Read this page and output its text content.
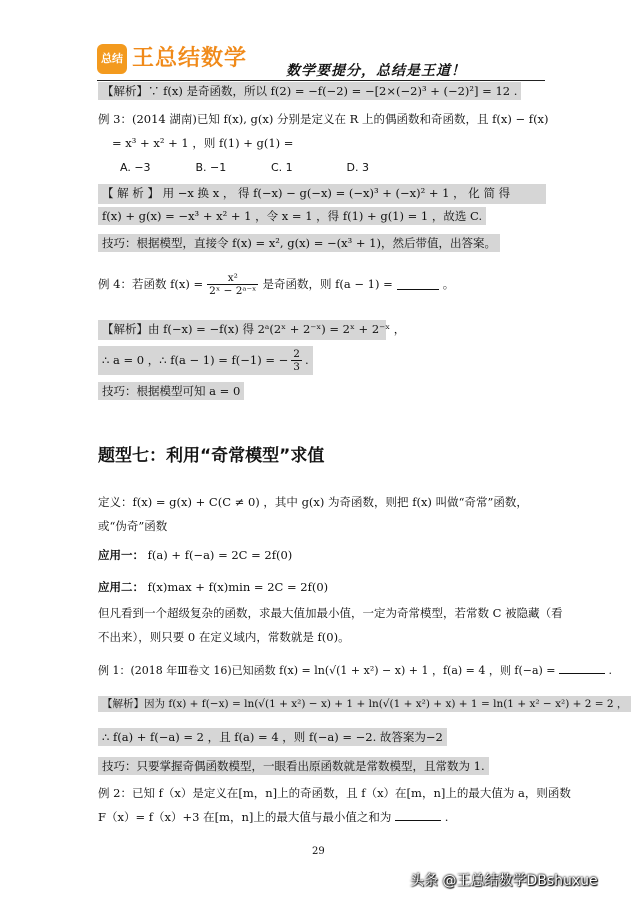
总结 王总结数学	数学要提分，总结是王道！
【解析】∵ f(x) 是奇函数，所以 f(2) = −f(−2) = −[2×(−2)³ + (−2)²] = 12 .
例 3：(2014 湖南)已知 f(x), g(x) 分别是定义在 R 上的偶函数和奇函数，且 f(x) − f(x)
= x³ + x² + 1 ，则 f(1) + g(1) =
A. −3	B. −1	C. 1	D. 3
【 解 析 】 用 −x 换 x ， 得 f(−x) − g(−x) = (−x)³ + (−x)² + 1 ， 化 简 得
f(x) + g(x) = −x³ + x² + 1 ，令 x = 1 ，得 f(1) + g(1) = 1 ，故选 C.
技巧：根据模型，直接令 f(x) = x², g(x) = −(x³ + 1)，然后带值，出答案。
例 4：若函数 $f(x) = \frac{\text{x²}}{\text{2ˣ − 2ᵃ⁻ˣ}}$ 是奇函数，则 f(a − 1) =	。
【解析】由 f(−x) = −f(x) 得 2ᵃ(2ˣ + 2⁻ˣ) = 2ˣ + 2⁻ˣ ，
∴ a = 0 ，∴ f(a − 1) = f(−1) = − $\frac{2}{3}$ .
技巧：根据模型可知 a = 0
题型七：利用“奇常模型”求值
定义：f(x) = g(x) + C(C ≠ 0) ，其中 g(x) 为奇函数，则把 f(x) 叫做“奇常”函数，
或“伪奇”函数
应用一： f(a) + f(−a) = 2C = 2f(0)
应用二： f(x)max + f(x)min = 2C = 2f(0)
但凡看到一个超级复杂的函数，求最大值加最小值，一定为奇常模型，若常数 C 被隐藏（看
不出来），则只要 0 在定义域内，常数就是 f(0)。
例 1：(2018 年Ⅲ卷文 16)已知函数 f(x) = ln(√(1 + x²) − x) + 1 ，f(a) = 4 ，则 f(−a) =	.
【解析】因为 f(x) + f(−x) = ln(√(1 + x²) − x) + 1 + ln(√(1 + x²) + x) + 1 = ln(1 + x² − x²) + 2 = 2 ，
∴ f(a) + f(−a) = 2 ，且 f(a) = 4 ，则 f(−a) = −2. 故答案为−2
技巧：只要掌握奇偶函数模型，一眼看出原函数就是常数模型，且常数为 1.
例 2：已知 f（x）是定义在[m，n]上的奇函数，且 f（x）在[m，n]上的最大值为 a，则函数
F（x）= f（x）+3 在[m，n]上的最大值与最小值之和为	.
29
头条 @王总结数学DBshuxue
